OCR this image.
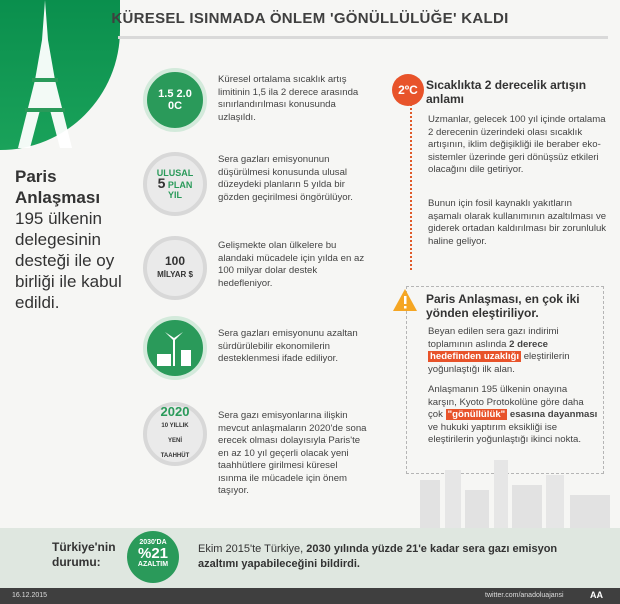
KÜRESEL ISINMADA ÖNLEM 'GÖNÜLLÜLÜĞE' KALDI
Paris
Anlaşması
195 ülkenin delegesinin desteği ile oy birliği ile kabul edildi.
1.5 2.0
0C
Küresel ortalama sıcaklık artış limitinin 1,5 ila 2 derece arasında sınırlandırılması konusunda uzlaşıldı.
ULUSAL
5 PLAN
YIL
Sera gazları emisyonunun düşürülmesi konusunda ulusal düzeydeki planların 5 yılda bir gözden geçirilmesi öngörülüyor.
100
MİLYAR $
Gelişmekte olan ülkelere bu alandaki mücadele için yılda en az 100 milyar dolar destek hedefleniyor.
Sera gazları emisyonunu azaltan sürdürülebilir ekonomilerin desteklenmesi ifade ediliyor.
2020
10 YILLIK
YENİ
TAAHHÜT
Sera gazı emisyonlarına ilişkin mevcut anlaşmaların 2020'de sona erecek olması dolayısıyla Paris'te en az 10 yıl geçerli olacak yeni taahhütlere girilmesi küresel ısınma ile mücadele için önem taşıyor.
2ºC Sıcaklıkta 2 derecelik artışın anlamı
Uzmanlar, gelecek 100 yıl içinde ortalama 2 derecenin üzerindeki olası sıcaklık artışının, iklim değişikliği ile beraber eko-sistemler üzerinde geri dönüşsüz etkileri olacağını dile getiriyor.
Bunun için fosil kaynaklı yakıtların aşamalı olarak kullanımının azaltılması ve giderek ortadan kaldırılması bir zorunluluk haline geliyor.
Paris Anlaşması, en çok iki yönden eleştiriliyor.
Beyan edilen sera gazı indirimi toplamının aslında 2 derece hedefinden uzaklığı eleştirilerin yoğunlaştığı ilk alan.
Anlaşmanın 195 ülkenin onayına karşın, Kyoto Protokolüne göre daha çok "gönüllülük" esasına dayanması ve hukuki yaptırım eksikliği ise eleştirilerin yoğunlaştığı ikinci nokta.
Türkiye'nin
durumu:
2030'DA
%21
AZALTIM
Ekim 2015'te Türkiye, 2030 yılında yüzde 21'e kadar sera gazı emisyon azaltımı yapabileceğini bildirdi.
16.12.2015	twitter.com/anadoluajansi	AA
